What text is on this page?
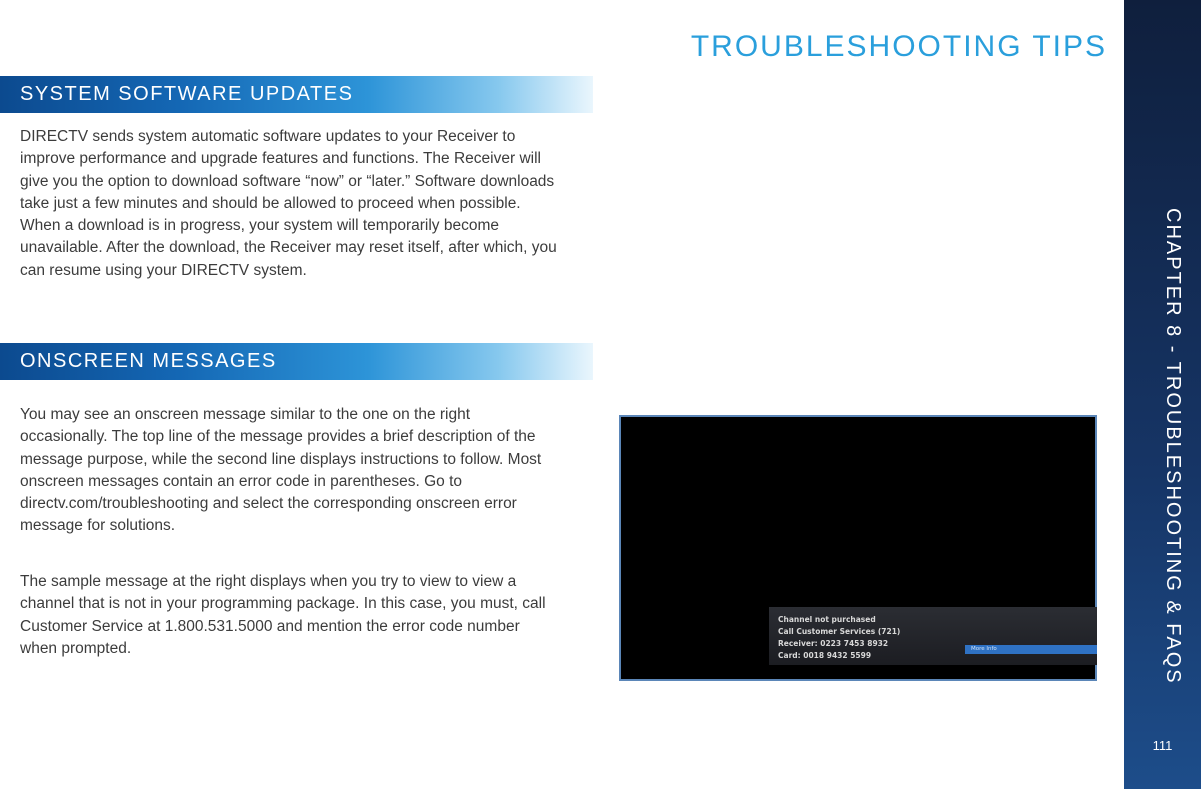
TROUBLESHOOTING TIPS
SYSTEM SOFTWARE UPDATES

DIRECTV sends system automatic software updates to your Receiver to improve performance and upgrade features and functions. The Receiver will give you the option to download software “now” or “later.” Software downloads take just a few minutes and should be allowed to proceed when possible. When a download is in progress, your system will temporarily become unavailable. After the download, the Receiver may reset itself, after which, you can resume using your DIRECTV system.

ONSCREEN MESSAGES

You may see an onscreen message similar to the one on the right occasionally. The top line of the message provides a brief description of the message purpose, while the second line displays instructions to follow. Most onscreen messages contain an error code in parentheses. Go to directv.com/troubleshooting and select the corresponding onscreen error message for solutions.

The sample message at the right displays when you try to view to view a channel that is not in your programming package. In this case, you must, call Customer Service at 1.800.531.5000 and mention the error code number when prompted.

Channel not purchased
Call Customer Services (721)
Receiver: 0223 7453 8932
Card: 0018 9432 5599
More Info	CHAPTER 8 - TROUBLESHOOTING & FAQS
111
